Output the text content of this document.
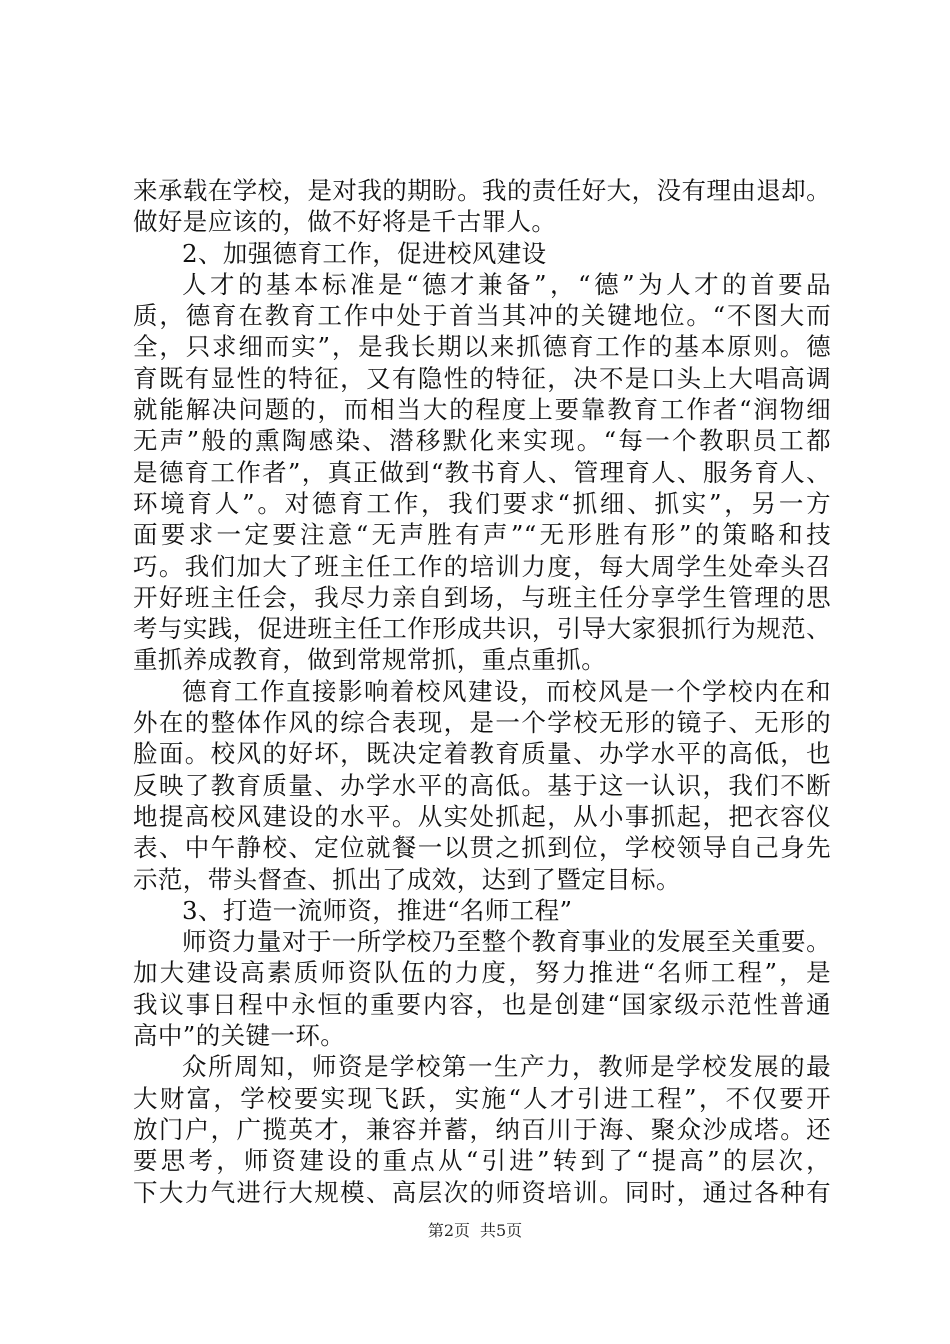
来承载在学校，是对我的期盼。我的责任好大，没有理由退却。
做好是应该的，做不好将是千古罪人。
2、加强德育工作，促进校风建设
人才的基本标准是“德才兼备”，“德”为人才的首要品
质，德育在教育工作中处于首当其冲的关键地位。“不图大而
全，只求细而实”，是我长期以来抓德育工作的基本原则。德
育既有显性的特征，又有隐性的特征，决不是口头上大唱高调
就能解决问题的，而相当大的程度上要靠教育工作者“润物细
无声”般的熏陶感染、潜移默化来实现。“每一个教职员工都
是德育工作者”，真正做到“教书育人、管理育人、服务育人、
环境育人”。对德育工作，我们要求“抓细、抓实”，另一方
面要求一定要注意“无声胜有声”“无形胜有形”的策略和技
巧。我们加大了班主任工作的培训力度，每大周学生处牵头召
开好班主任会，我尽力亲自到场，与班主任分享学生管理的思
考与实践，促进班主任工作形成共识，引导大家狠抓行为规范、
重抓养成教育，做到常规常抓，重点重抓。
德育工作直接影响着校风建设，而校风是一个学校内在和
外在的整体作风的综合表现，是一个学校无形的镜子、无形的
脸面。校风的好坏，既决定着教育质量、办学水平的高低，也
反映了教育质量、办学水平的高低。基于这一认识，我们不断
地提高校风建设的水平。从实处抓起，从小事抓起，把衣容仪
表、中午静校、定位就餐一以贯之抓到位，学校领导自己身先
示范，带头督查、抓出了成效，达到了暨定目标。
3、打造一流师资，推进“名师工程”
师资力量对于一所学校乃至整个教育事业的发展至关重要。
加大建设高素质师资队伍的力度，努力推进“名师工程”，是
我议事日程中永恒的重要内容，也是创建“国家级示范性普通
高中”的关键一环。
众所周知，师资是学校第一生产力，教师是学校发展的最
大财富，学校要实现飞跃，实施“人才引进工程”，不仅要开
放门户，广揽英才，兼容并蓄，纳百川于海、聚众沙成塔。还
要思考，师资建设的重点从“引进”转到了“提高”的层次，
下大力气进行大规模、高层次的师资培训。同时，通过各种有
第2页 共5页
